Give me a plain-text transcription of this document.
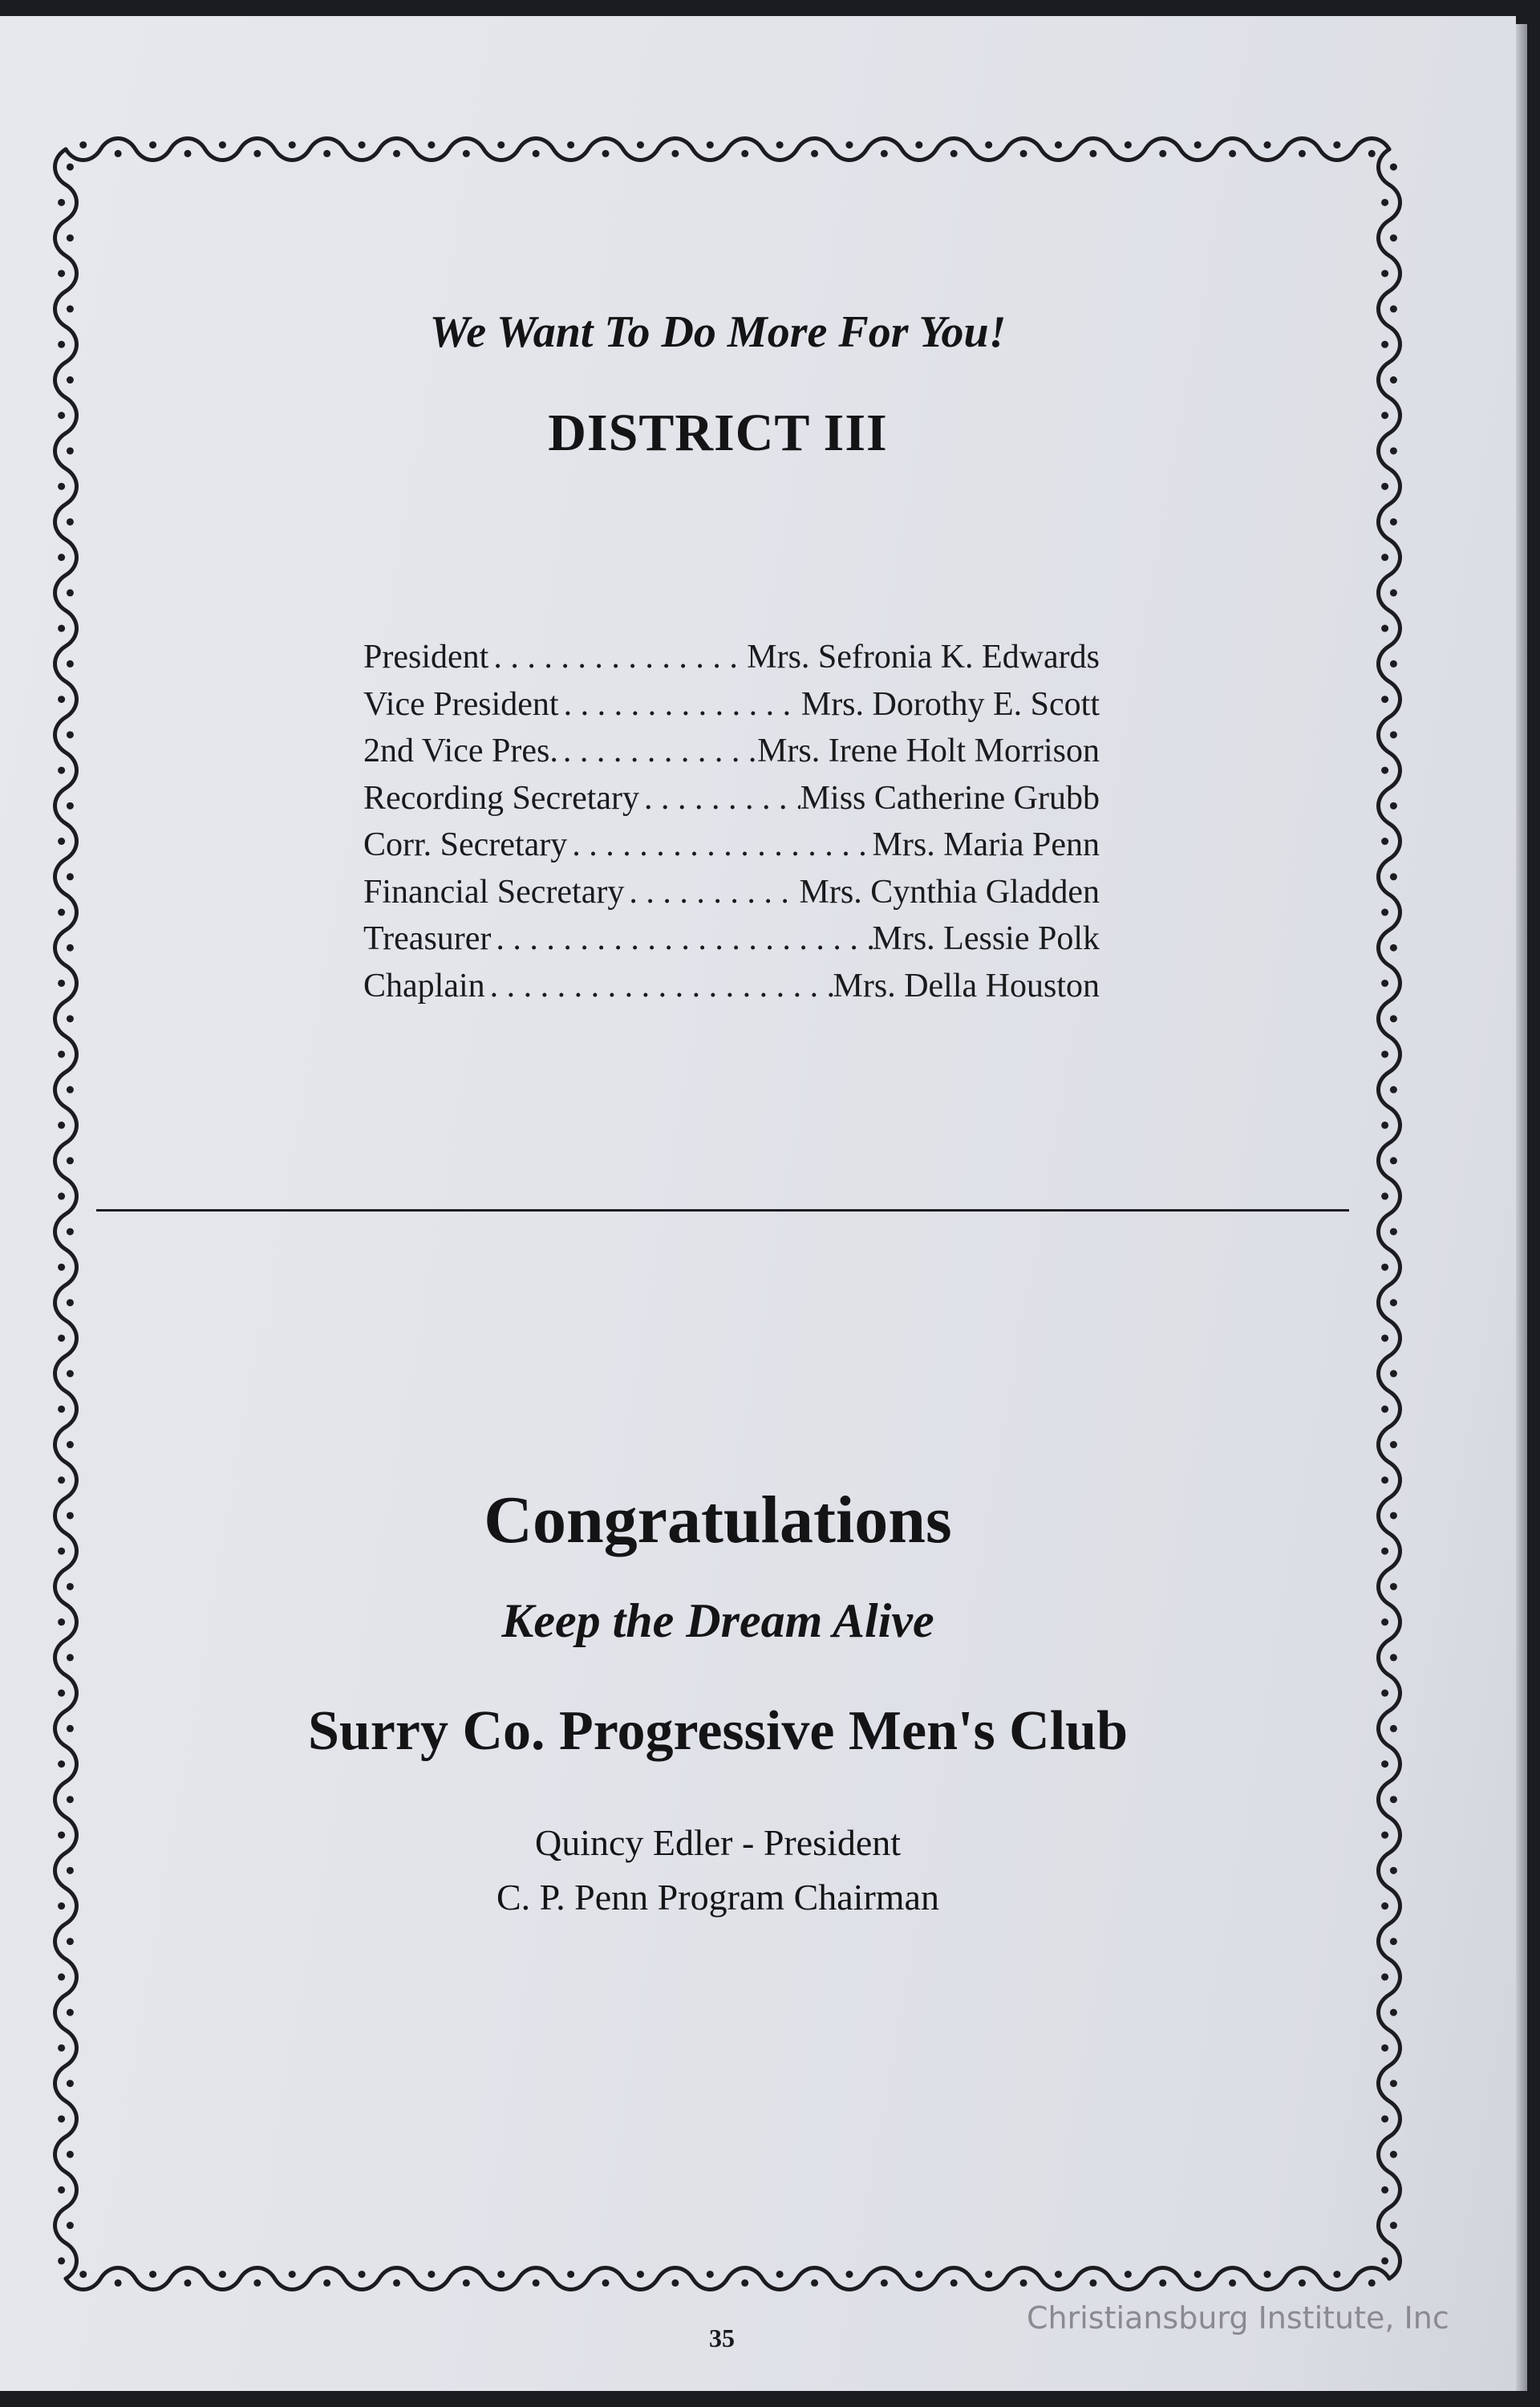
We Want To Do More For You!
DISTRICT III
President . . .	Mrs. Sefronia K. Edwards
Vice President . . .	Mrs. Dorothy E. Scott
2nd Vice Pres. . . .	Mrs. Irene Holt Morrison
Recording Secretary . . .	Miss Catherine Grubb
Corr. Secretary . . .	Mrs. Maria Penn
Financial Secretary . . .	Mrs. Cynthia Gladden
Treasurer . . .	Mrs. Lessie Polk
Chaplain . . .	Mrs. Della Houston
Congratulations
Keep the Dream Alive
Surry Co. Progressive Men's Club
Quincy Edler - President
C. P. Penn Program Chairman
35
Christiansburg Institute, Inc
